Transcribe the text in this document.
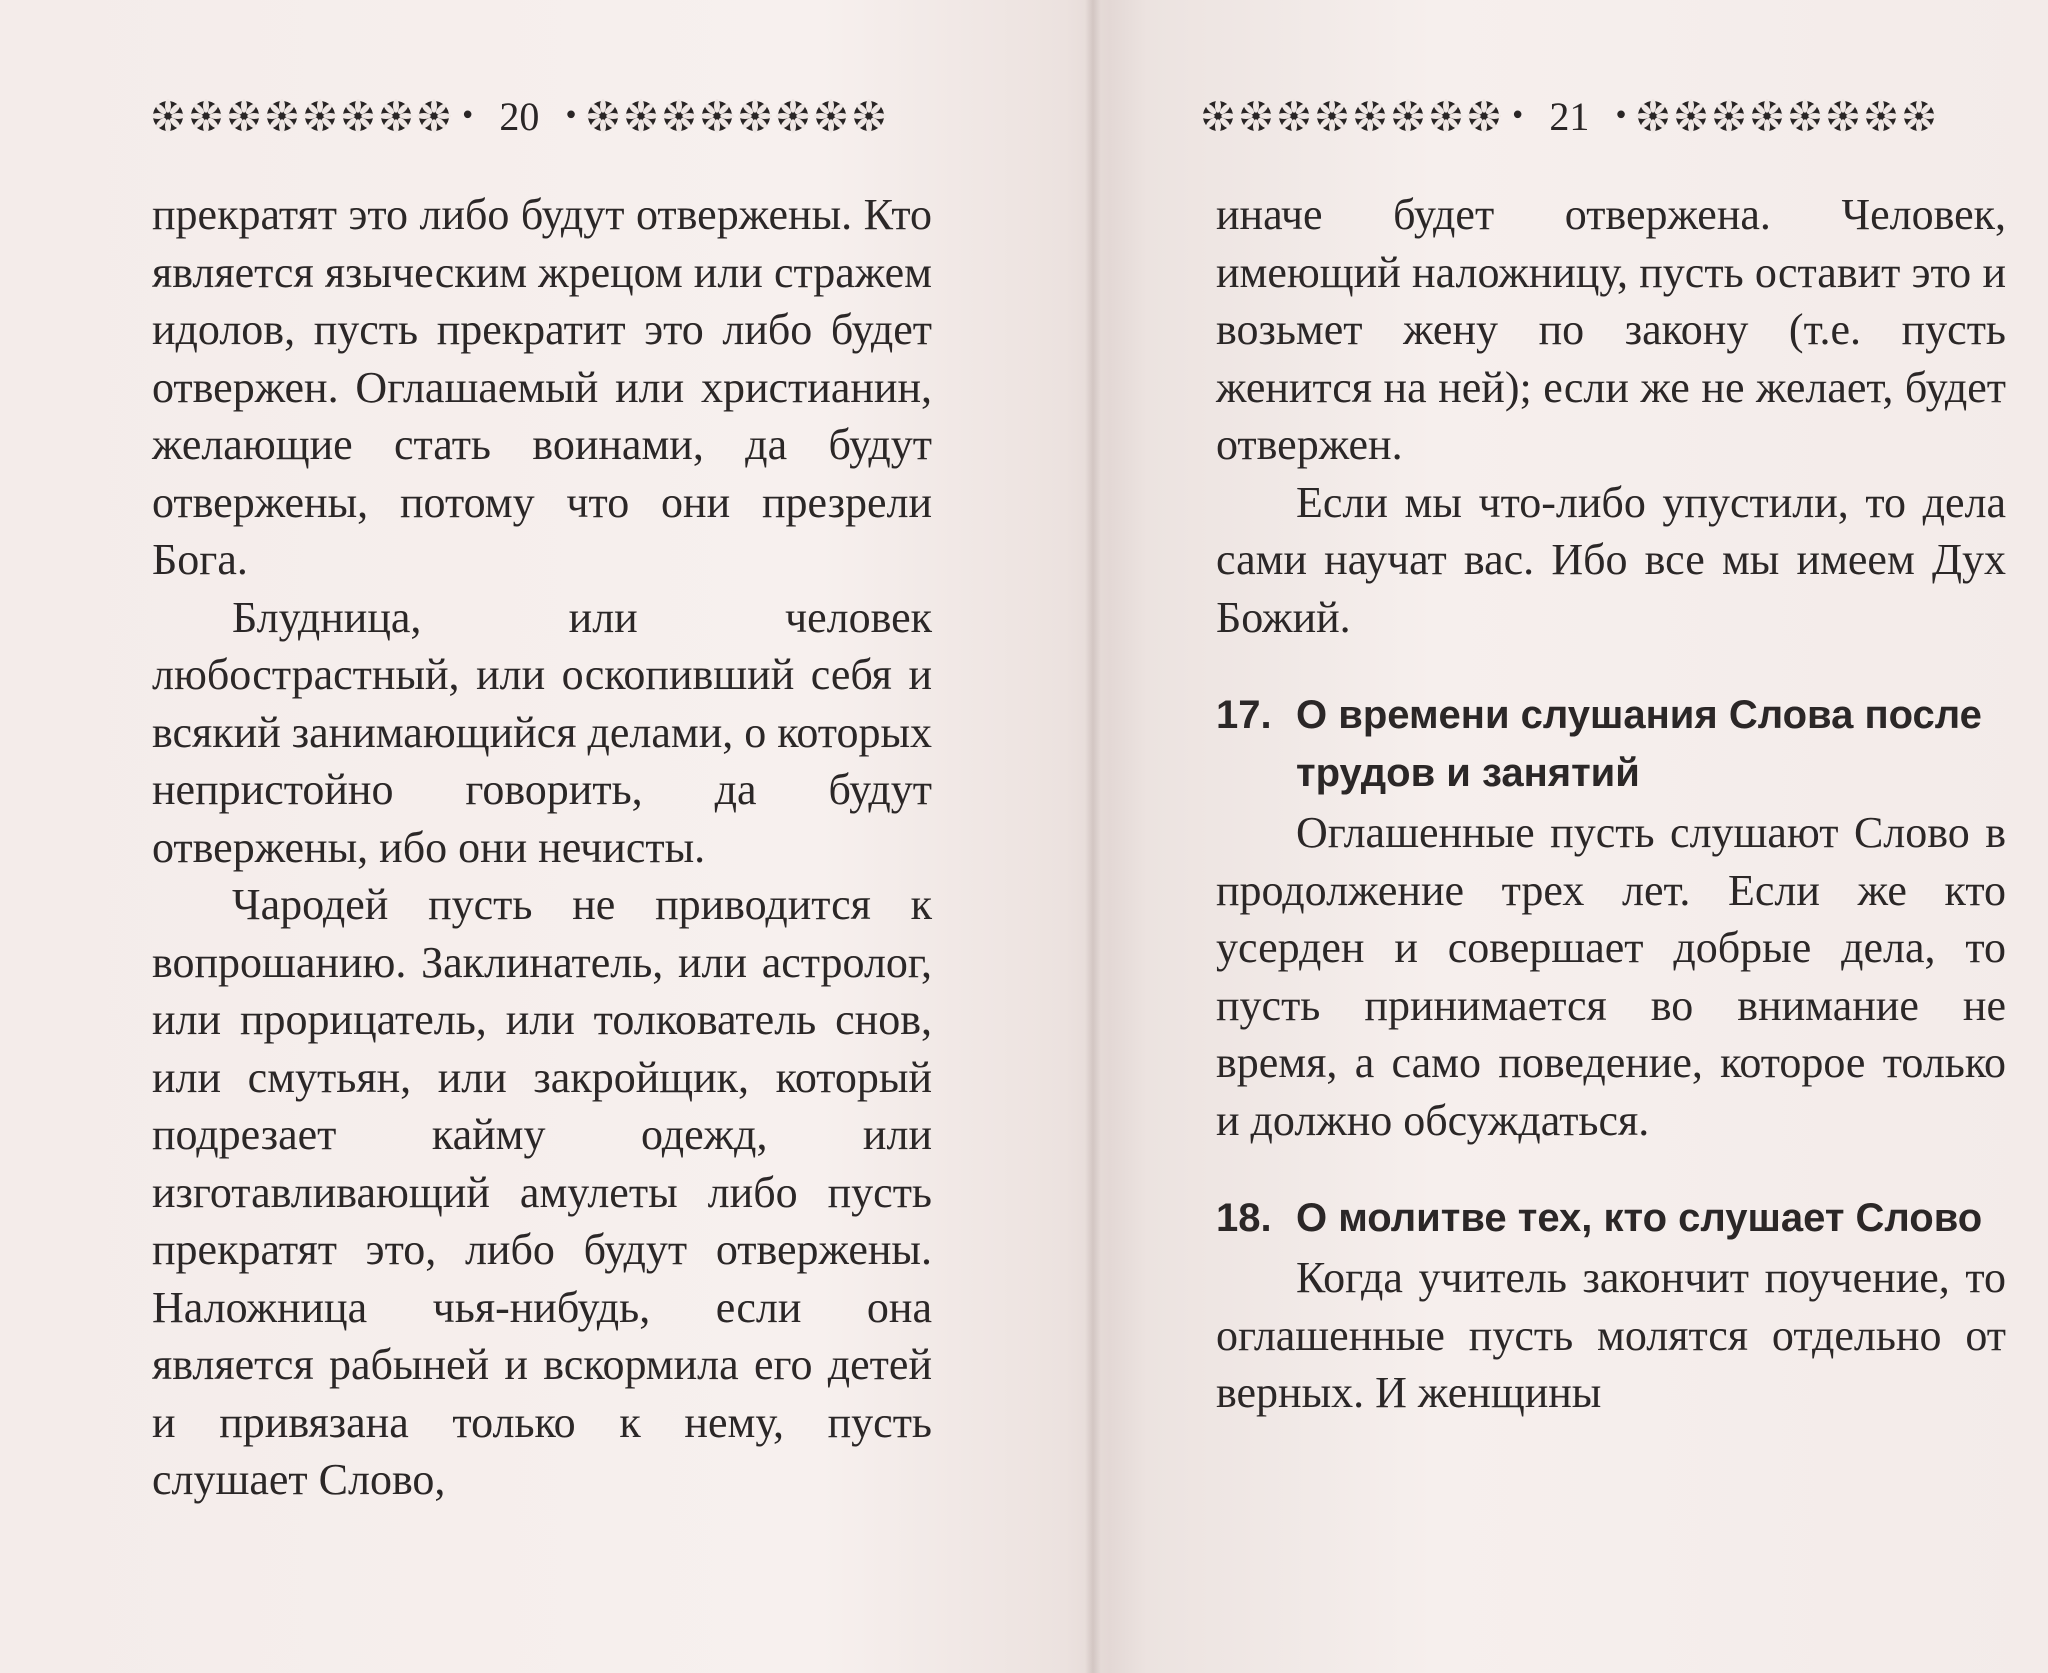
• 20 •

прекратят это либо будут отвержены. Кто является языческим жрецом или стражем идолов, пусть прекратит это либо будет отвержен. Оглашаемый или христианин, желающие стать воинами, да будут отвержены, потому что они презрели Бога.

Блудница, или человек любострастный, или оскопивший себя и всякий занимающийся делами, о которых непристойно говорить, да будут отвержены, ибо они нечисты.

Чародей пусть не приводится к вопрошанию. Заклинатель, или астролог, или прорицатель, или толкователь снов, или смутьян, или закройщик, который подрезает кайму одежд, или изготавливающий амулеты либо пусть прекратят это, либо будут отвержены. Наложница чья-нибудь, если она является рабыней и вскормила его детей и привязана только к нему, пусть слушает Слово,

• 21 •

иначе будет отвержена. Человек, имеющий наложницу, пусть оставит это и возьмет жену по закону (т.е. пусть женится на ней); если же не желает, будет отвержен.

Если мы что-либо упустили, то дела сами научат вас. Ибо все мы имеем Дух Божий.

17. О времени слушания Слова после трудов и занятий

Оглашенные пусть слушают Слово в продолжение трех лет. Если же кто усерден и совершает добрые дела, то пусть принимается во внимание не время, а само поведение, которое только и должно обсуждаться.

18. О молитве тех, кто слушает Слово

Когда учитель закончит поучение, то оглашенные пусть молятся отдельно от верных. И женщины
